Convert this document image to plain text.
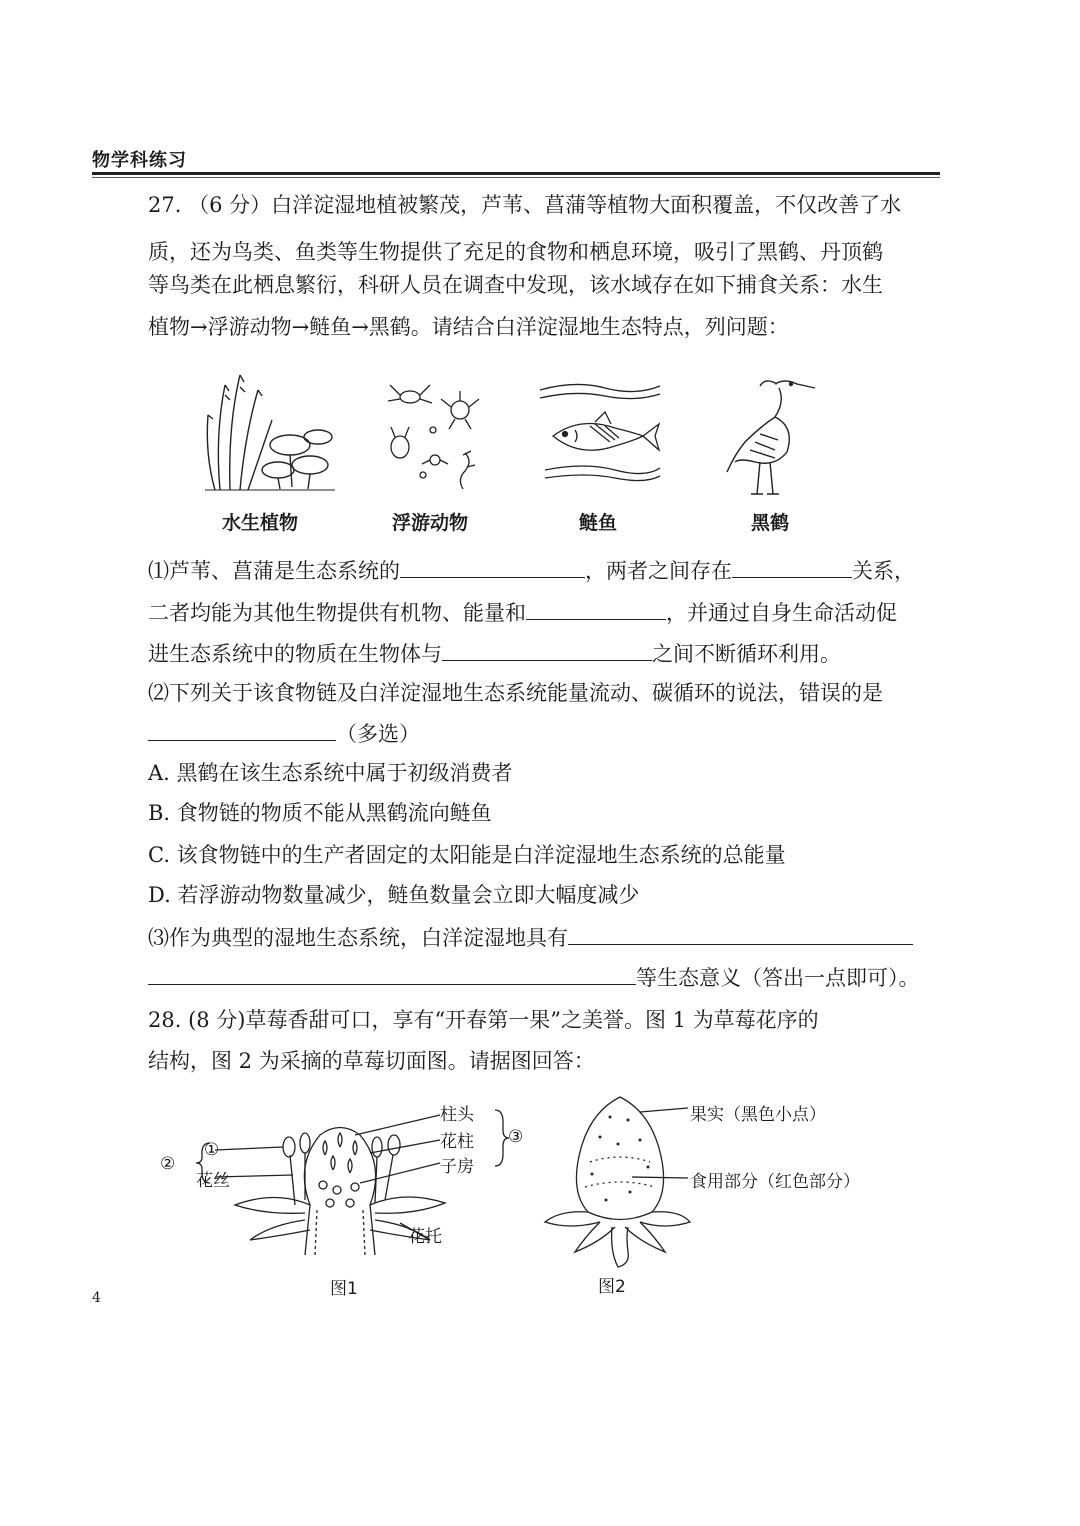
物学科练习
27. （6 分）白洋淀湿地植被繁茂，芦苇、菖蒲等植物大面积覆盖，不仅改善了水
质，还为鸟类、鱼类等生物提供了充足的食物和栖息环境，吸引了黑鹤、丹顶鹤
等鸟类在此栖息繁衍，科研人员在调查中发现，该水域存在如下捕食关系：水生
植物→浮游动物→鲢鱼→黑鹤。请结合白洋淀湿地生态特点，列问题：
水生植物	浮游动物	鲢鱼	黑鹤
⑴芦苇、菖蒲是生态系统的	，两者之间存在	关系，
二者均能为其他生物提供有机物、能量和	，并通过自身生命活动促
进生态系统中的物质在生物体与	之间不断循环利用。
⑵下列关于该食物链及白洋淀湿地生态系统能量流动、碳循环的说法，错误的是
（多选）
A. 黑鹤在该生态系统中属于初级消费者
B. 食物链的物质不能从黑鹤流向鲢鱼
C. 该食物链中的生产者固定的太阳能是白洋淀湿地生态系统的总能量
D. 若浮游动物数量减少，鲢鱼数量会立即大幅度减少
⑶作为典型的湿地生态系统，白洋淀湿地具有
等生态意义（答出一点即可）。
28. (8 分)草莓香甜可口，享有“开春第一果”之美誉。图 1 为草莓花序的
结构，图 2 为采摘的草莓切面图。请据图回答：
柱头
花柱
子房
③
①
②
花丝
花托
图1
果实（黑色小点）
食用部分（红色部分）
图2
4
